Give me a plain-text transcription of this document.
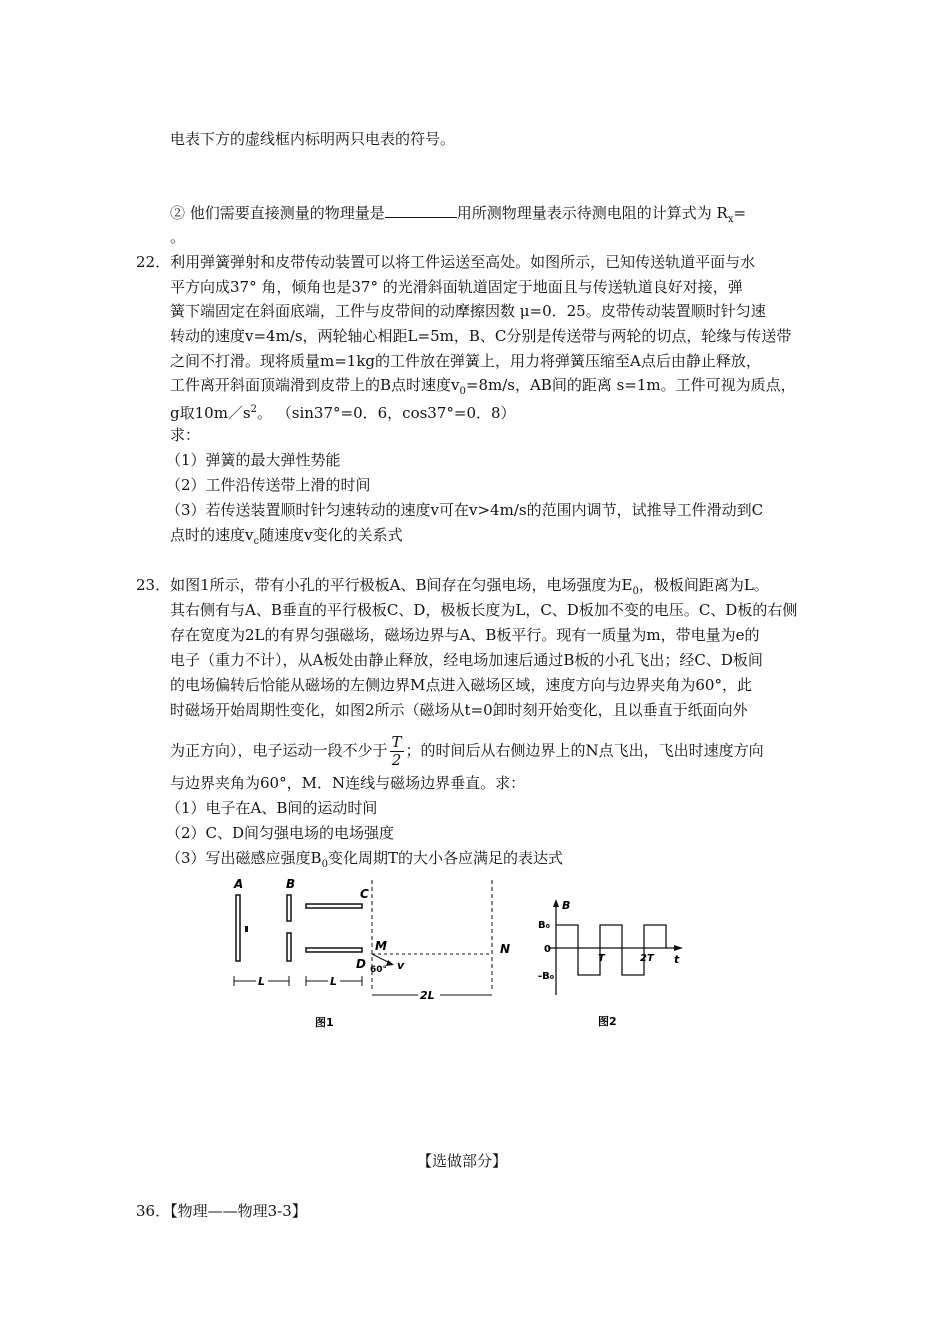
电表下方的虚线框内标明两只电表的符号。
② 他们需要直接测量的物理量是	用所测物理量表示待测电阻的计算式为 $R_x=$
。
22．利用弹簧弹射和皮带传动装置可以将工件运送至高处。如图所示，已知传送轨道平面与水
平方向成37° 角，倾角也是37° 的光滑斜面轨道固定于地面且与传送轨道良好对接，弹
簧下端固定在斜面底端，工件与皮带间的动摩擦因数 μ=0．25。皮带传动装置顺时针匀速
转动的速度v=4m/s，两轮轴心相距L=5m，B、C分别是传送带与两轮的切点，轮缘与传送带
之间不打滑。现将质量m=1kg的工件放在弹簧上，用力将弹簧压缩至A点后由静止释放，
工件离开斜面顶端滑到皮带上的B点时速度$v_0=8m/s$，AB间的距离 s=1m。工件可视为质点，
g取$10m/s^2$。 （sin37°=0．6，cos37°=0．8）
求：
（1）弹簧的最大弹性势能
（2）工件沿传送带上滑的时间
（3）若传送装置顺时针匀速转动的速度v可在v>4m/s的范围内调节，试推导工件滑动到C
点时的速度$v_c$随速度v变化的关系式
23．如图1所示，带有小孔的平行极板A、B间存在匀强电场，电场强度为$E_0$，极板间距离为L。
其右侧有与A、B垂直的平行极板C、D，极板长度为L，C、D板加不变的电压。C、D板的右侧
存在宽度为2L的有界匀强磁场，磁场边界与A、B板平行。现有一质量为m，带电量为e的
电子（重力不计），从A板处由静止释放，经电场加速后通过B板的小孔飞出；经C、D板间
的电场偏转后恰能从磁场的左侧边界M点进入磁场区域，速度方向与边界夹角为60°，此
时磁场开始周期性变化，如图2所示（磁场从t=0卸时刻开始变化，且以垂直于纸面向外
为正方向），电子运动一段不少于 $\frac{T}{2}$ ；的时间后从右侧边界上的N点飞出，飞出时速度方向
与边界夹角为60°，M．N连线与磁场边界垂直。求：
（1）电子在A、B间的运动时间
（2）C、D间匀强电场的电场强度
（3）写出磁感应强度$B_0$变化周期T的大小各应满足的表达式
A	B
C
D
M	N
v
60°
L	L
2L
图1
B
B₀
0
-B₀
T	2T t
图2
【选做部分】
36．【物理——物理3-3】
